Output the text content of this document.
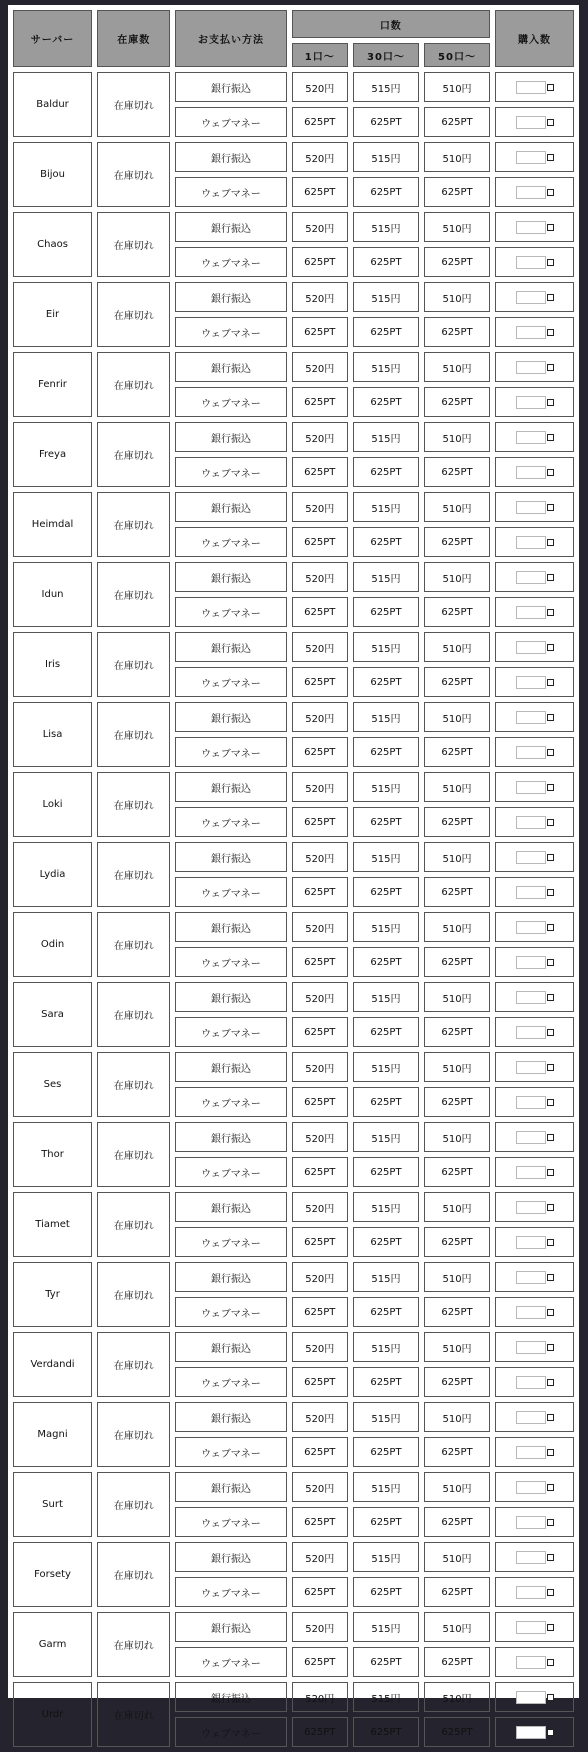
サーバー	在庫数	お支払い方法	口数			購入数
			1口～	30口～	50口～	
Baldur	在庫切れ	銀行振込	520円	515円	510円	

		ウェブマネー	625PT	625PT	625PT	

Bijou	在庫切れ	銀行振込	520円	515円	510円	

		ウェブマネー	625PT	625PT	625PT	

Chaos	在庫切れ	銀行振込	520円	515円	510円	

		ウェブマネー	625PT	625PT	625PT	

Eir	在庫切れ	銀行振込	520円	515円	510円	

		ウェブマネー	625PT	625PT	625PT	

Fenrir	在庫切れ	銀行振込	520円	515円	510円	

		ウェブマネー	625PT	625PT	625PT	

Freya	在庫切れ	銀行振込	520円	515円	510円	

		ウェブマネー	625PT	625PT	625PT	

Heimdal	在庫切れ	銀行振込	520円	515円	510円	

		ウェブマネー	625PT	625PT	625PT	

Idun	在庫切れ	銀行振込	520円	515円	510円	

		ウェブマネー	625PT	625PT	625PT	

Iris	在庫切れ	銀行振込	520円	515円	510円	

		ウェブマネー	625PT	625PT	625PT	

Lisa	在庫切れ	銀行振込	520円	515円	510円	

		ウェブマネー	625PT	625PT	625PT	

Loki	在庫切れ	銀行振込	520円	515円	510円	

		ウェブマネー	625PT	625PT	625PT	

Lydia	在庫切れ	銀行振込	520円	515円	510円	

		ウェブマネー	625PT	625PT	625PT	

Odin	在庫切れ	銀行振込	520円	515円	510円	

		ウェブマネー	625PT	625PT	625PT	

Sara	在庫切れ	銀行振込	520円	515円	510円	

		ウェブマネー	625PT	625PT	625PT	

Ses	在庫切れ	銀行振込	520円	515円	510円	

		ウェブマネー	625PT	625PT	625PT	

Thor	在庫切れ	銀行振込	520円	515円	510円	

		ウェブマネー	625PT	625PT	625PT	

Tiamet	在庫切れ	銀行振込	520円	515円	510円	

		ウェブマネー	625PT	625PT	625PT	

Tyr	在庫切れ	銀行振込	520円	515円	510円	

		ウェブマネー	625PT	625PT	625PT	

Verdandi	在庫切れ	銀行振込	520円	515円	510円	

		ウェブマネー	625PT	625PT	625PT	

Magni	在庫切れ	銀行振込	520円	515円	510円	

		ウェブマネー	625PT	625PT	625PT	

Surt	在庫切れ	銀行振込	520円	515円	510円	

		ウェブマネー	625PT	625PT	625PT	

Forsety	在庫切れ	銀行振込	520円	515円	510円	

		ウェブマネー	625PT	625PT	625PT	

Garm	在庫切れ	銀行振込	520円	515円	510円	

		ウェブマネー	625PT	625PT	625PT	

Urdr	在庫切れ	銀行振込	520円	515円	510円	

		ウェブマネー	625PT	625PT	625PT	
